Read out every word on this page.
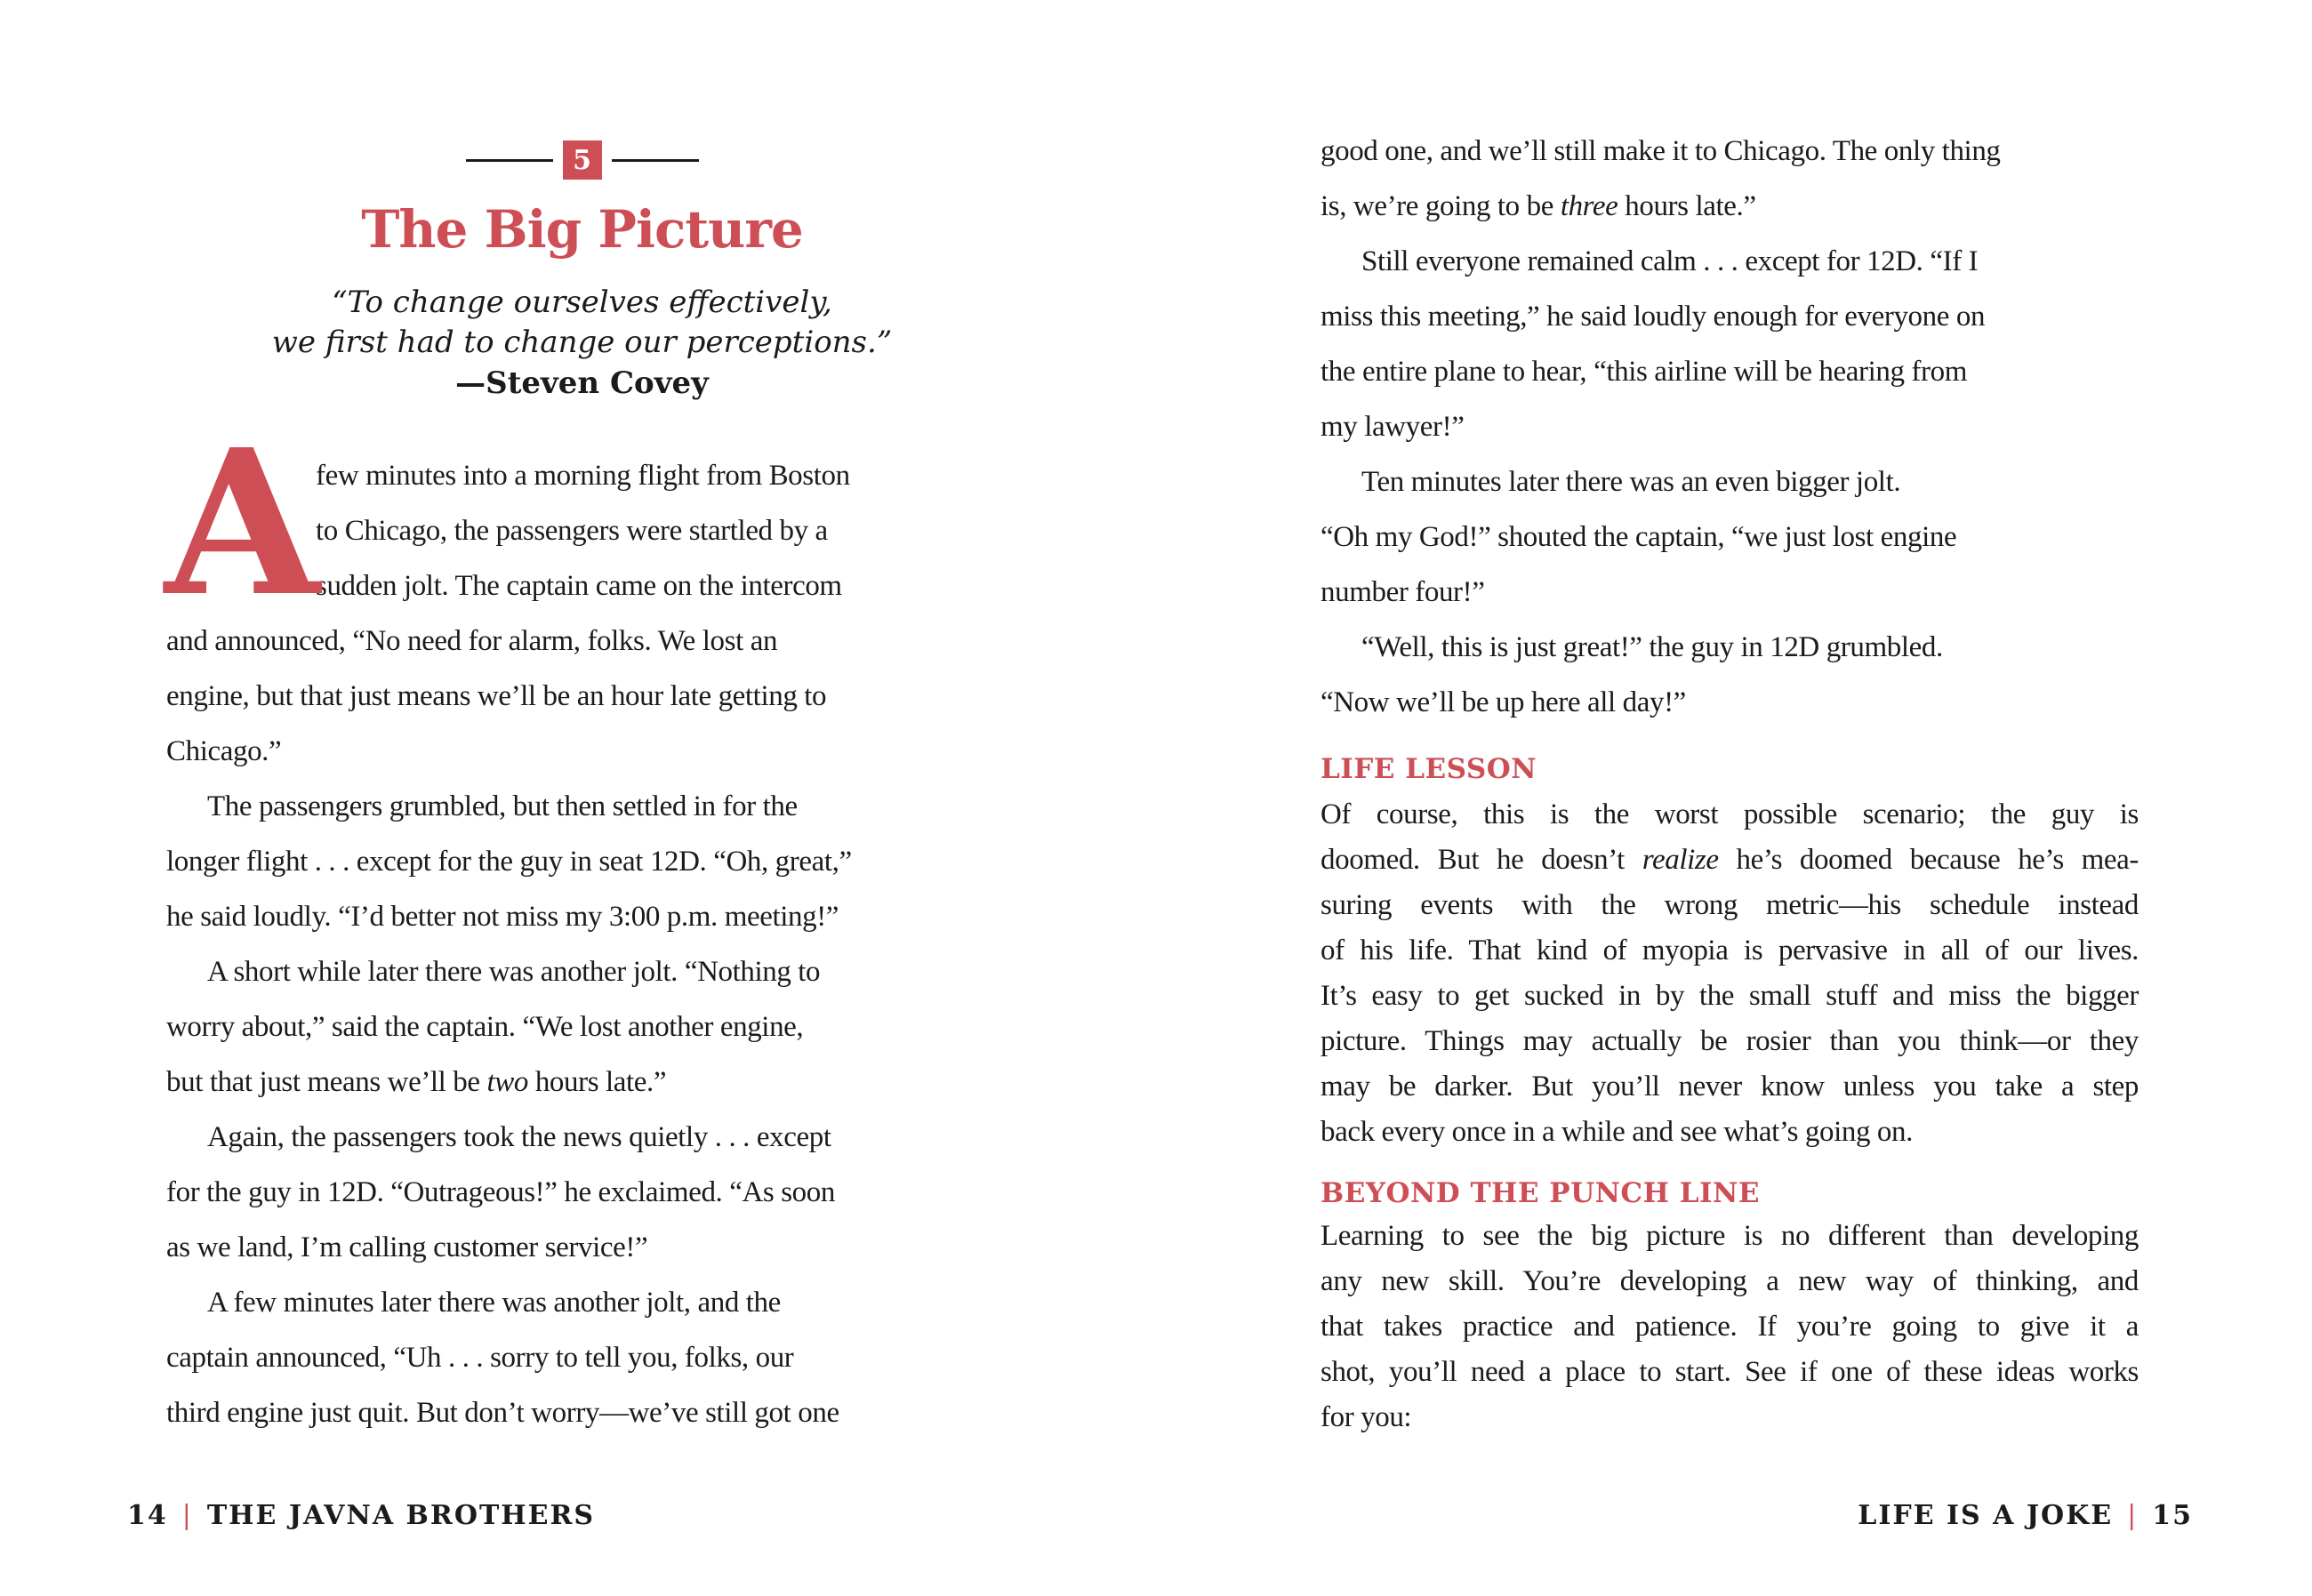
5
The Big Picture
“To change ourselves effectively,
we first had to change our perceptions.”
—Steven Covey
A
few minutes into a morning flight from Boston
to Chicago, the passengers were startled by a
sudden jolt. The captain came on the intercom
and announced, “No need for alarm, folks. We lost an
engine, but that just means we’ll be an hour late getting to
Chicago.”
The passengers grumbled, but then settled in for the
longer flight . . . except for the guy in seat 12D. “Oh, great,”
he said loudly. “I’d better not miss my 3:00 p.m. meeting!”
A short while later there was another jolt. “Nothing to
worry about,” said the captain. “We lost another engine,
but that just means we’ll be two hours late.”
Again, the passengers took the news quietly . . . except
for the guy in 12D. “Outrageous!” he exclaimed. “As soon
as we land, I’m calling customer service!”
A few minutes later there was another jolt, and the
captain announced, “Uh . . . sorry to tell you, folks, our
third engine just quit. But don’t worry—we’ve still got one
14 | THE JAVNA BROTHERS
good one, and we’ll still make it to Chicago. The only thing
is, we’re going to be three hours late.”
Still everyone remained calm . . . except for 12D. “If I
miss this meeting,” he said loudly enough for everyone on
the entire plane to hear, “this airline will be hearing from
my lawyer!”
Ten minutes later there was an even bigger jolt.
“Oh my God!” shouted the captain, “we just lost engine
number four!”
“Well, this is just great!” the guy in 12D grumbled.
“Now we’ll be up here all day!”
LIFE LESSON
Of course, this is the worst possible scenario; the guy is
doomed. But he doesn’t realize he’s doomed because he’s mea-
suring events with the wrong metric—his schedule instead
of his life. That kind of myopia is pervasive in all of our lives.
It’s easy to get sucked in by the small stuff and miss the bigger
picture. Things may actually be rosier than you think—or they
may be darker. But you’ll never know unless you take a step
back every once in a while and see what’s going on.
BEYOND THE PUNCH LINE
Learning to see the big picture is no different than developing
any new skill. You’re developing a new way of thinking, and
that takes practice and patience. If you’re going to give it a
shot, you’ll need a place to start. See if one of these ideas works
for you:
LIFE IS A JOKE | 15
